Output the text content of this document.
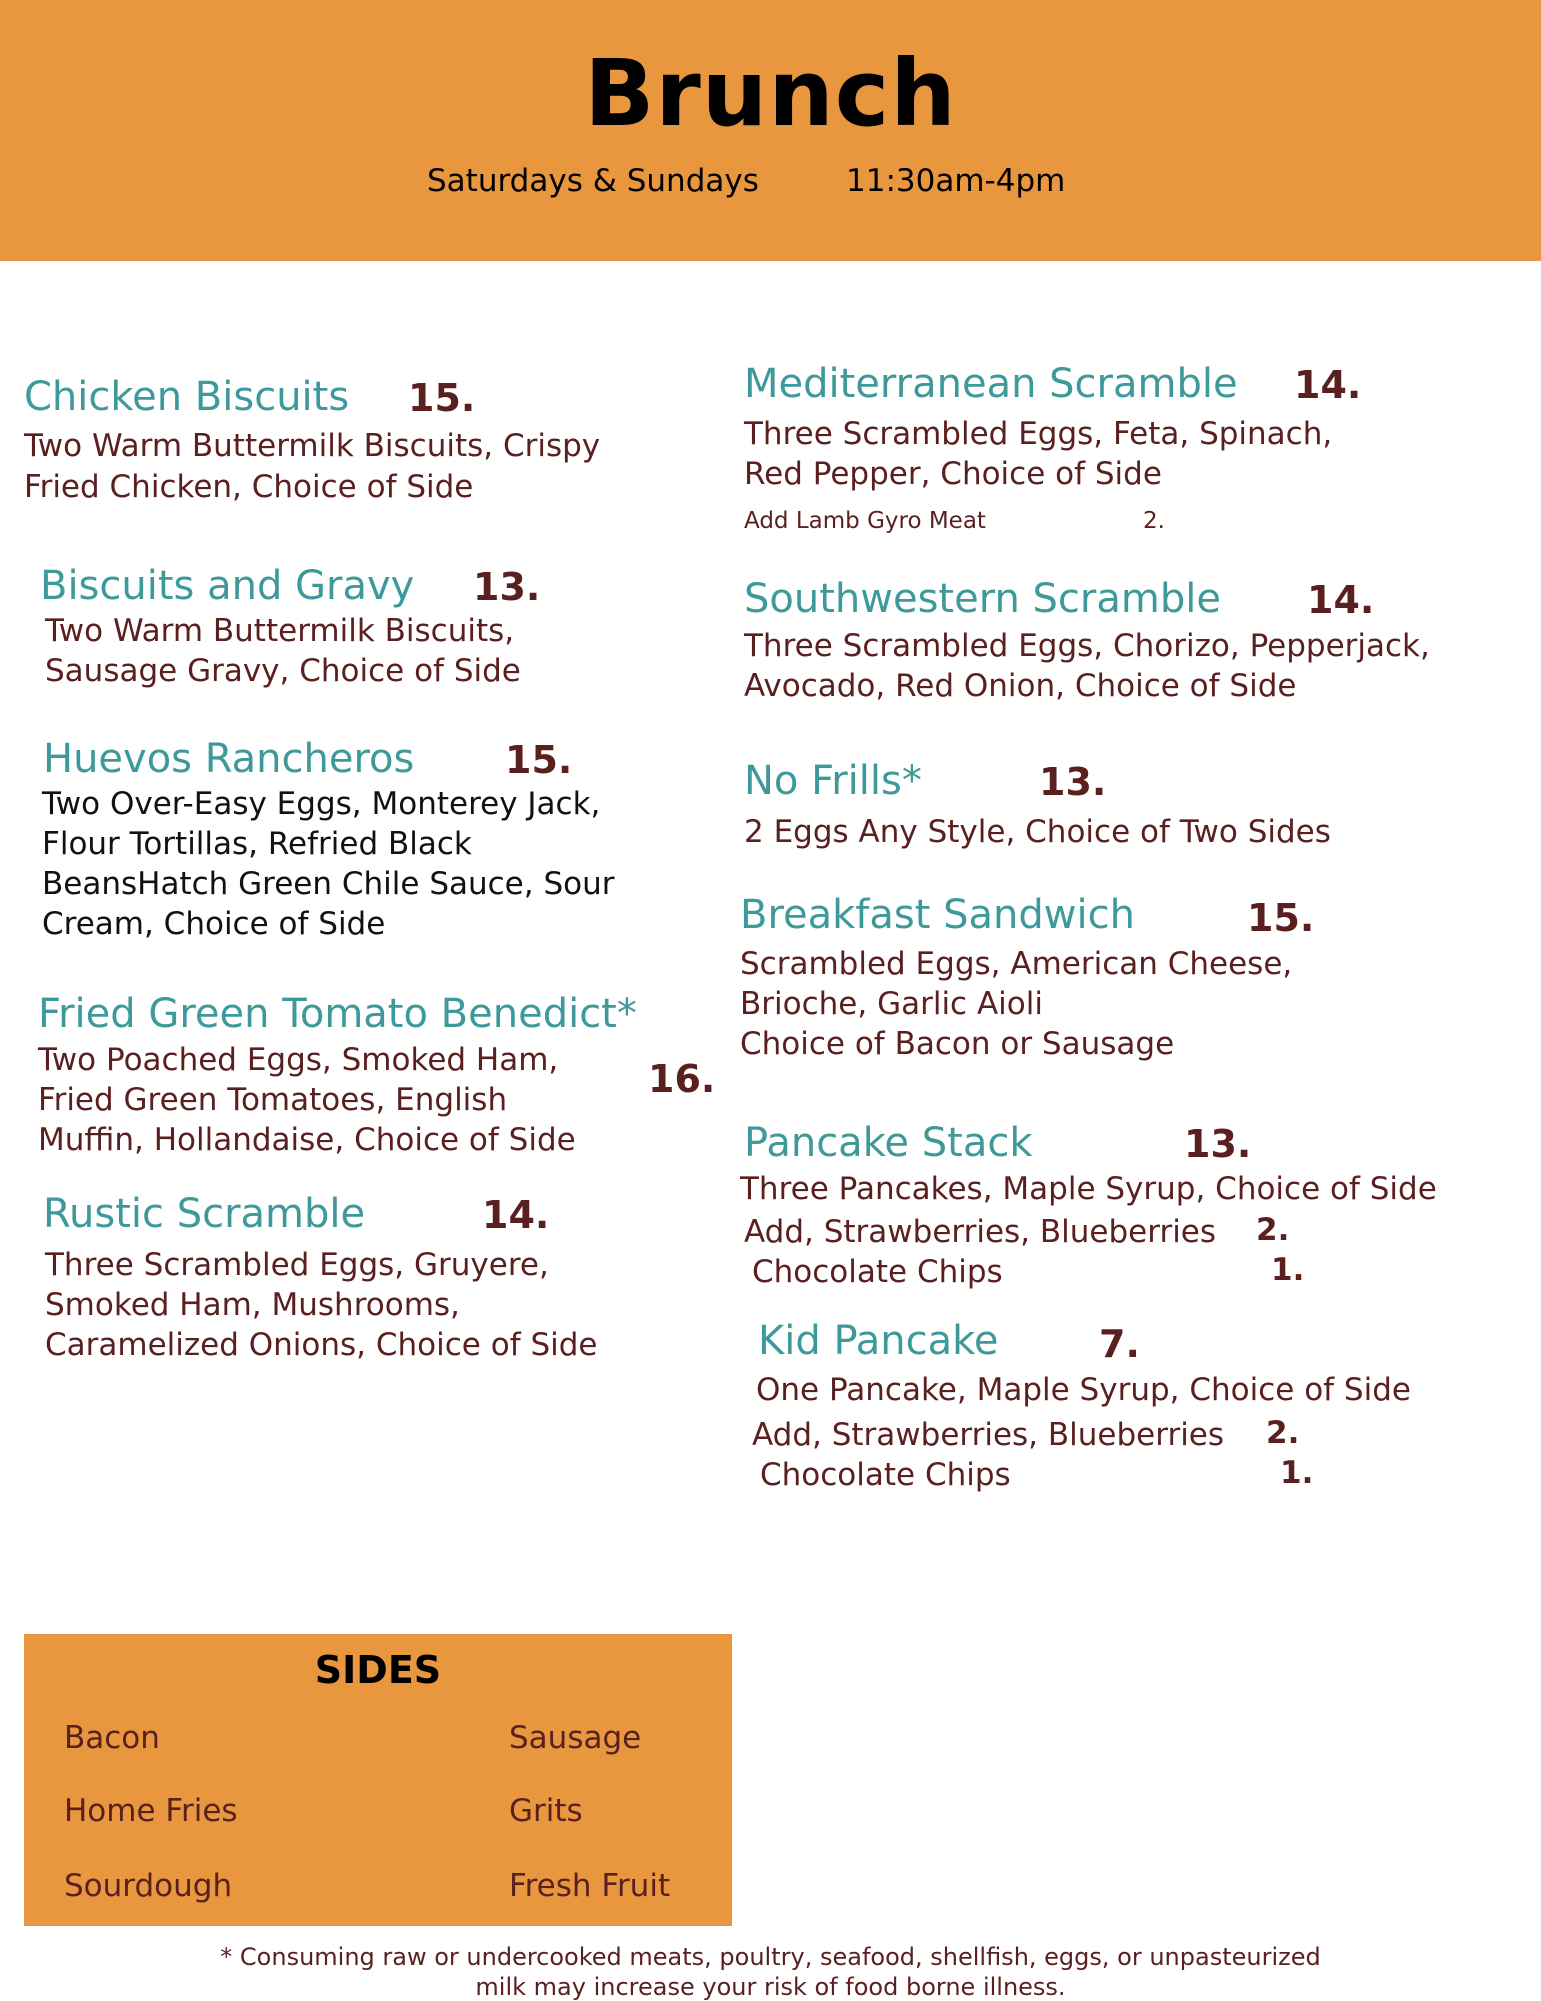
Brunch
Saturdays & Sundays	11:30am-4pm
Chicken Biscuits 15.
Two Warm Buttermilk Biscuits, Crispy
Fried Chicken, Choice of Side
Biscuits and Gravy 13.
Two Warm Buttermilk Biscuits,
Sausage Gravy, Choice of Side
Huevos Rancheros 15.
Two Over-Easy Eggs, Monterey Jack,
Flour Tortillas, Refried Black
BeansHatch Green Chile Sauce, Sour
Cream, Choice of Side
Fried Green Tomato Benedict*
16.
Two Poached Eggs, Smoked Ham,
Fried Green Tomatoes, English
Muffin, Hollandaise, Choice of Side
Rustic Scramble	14.
Three Scrambled Eggs, Gruyere,
Smoked Ham, Mushrooms,
Caramelized Onions, Choice of Side
Mediterranean Scramble 14.
Three Scrambled Eggs, Feta, Spinach,
Red Pepper, Choice of Side
Add Lamb Gyro Meat	2.
Southwestern Scramble 14.
Three Scrambled Eggs, Chorizo, Pepperjack,
Avocado, Red Onion, Choice of Side
No Frills*	13.
2 Eggs Any Style, Choice of Two Sides
Breakfast Sandwich	15.
Scrambled Eggs, American Cheese,
Brioche, Garlic Aioli
Choice of Bacon or Sausage
Pancake Stack	13.
Three Pancakes, Maple Syrup, Choice of Side
Add, Strawberries, Blueberries 2.
Chocolate Chips	1.
Kid Pancake	7.
One Pancake, Maple Syrup, Choice of Side
Add, Strawberries, Blueberries 2.
Chocolate Chips	1.
SIDES
Bacon	Sausage
Home Fries	Grits
Sourdough	Fresh Fruit
* Consuming raw or undercooked meats, poultry, seafood, shellfish, eggs, or unpasteurized
milk may increase your risk of food borne illness.
